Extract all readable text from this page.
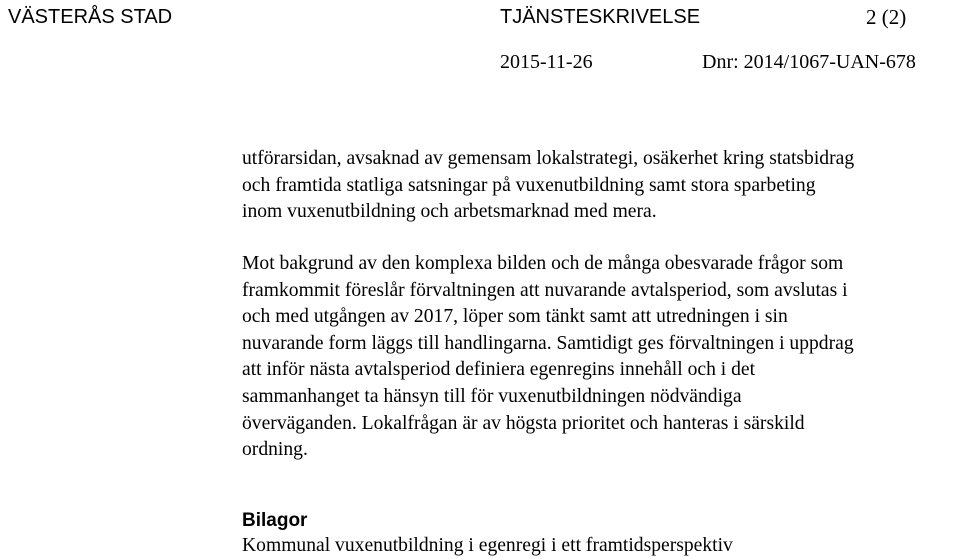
VÄSTERÅS STAD	TJÄNSTESKRIVELSE	2 (2)
2015-11-26	Dnr: 2014/1067-UAN-678
utförarsidan, avsaknad av gemensam lokalstrategi, osäkerhet kring statsbidrag
och framtida statliga satsningar på vuxenutbildning samt stora sparbeting
inom vuxenutbildning och arbetsmarknad med mera.
Mot bakgrund av den komplexa bilden och de många obesvarade frågor som
framkommit föreslår förvaltningen att nuvarande avtalsperiod, som avslutas i
och med utgången av 2017, löper som tänkt samt att utredningen i sin
nuvarande form läggs till handlingarna. Samtidigt ges förvaltningen i uppdrag
att inför nästa avtalsperiod definiera egenregins innehåll och i det
sammanhanget ta hänsyn till för vuxenutbildningen nödvändiga
överväganden. Lokalfrågan är av högsta prioritet och hanteras i särskild
ordning.
Bilagor
Kommunal vuxenutbildning i egenregi i ett framtidsperspektiv
